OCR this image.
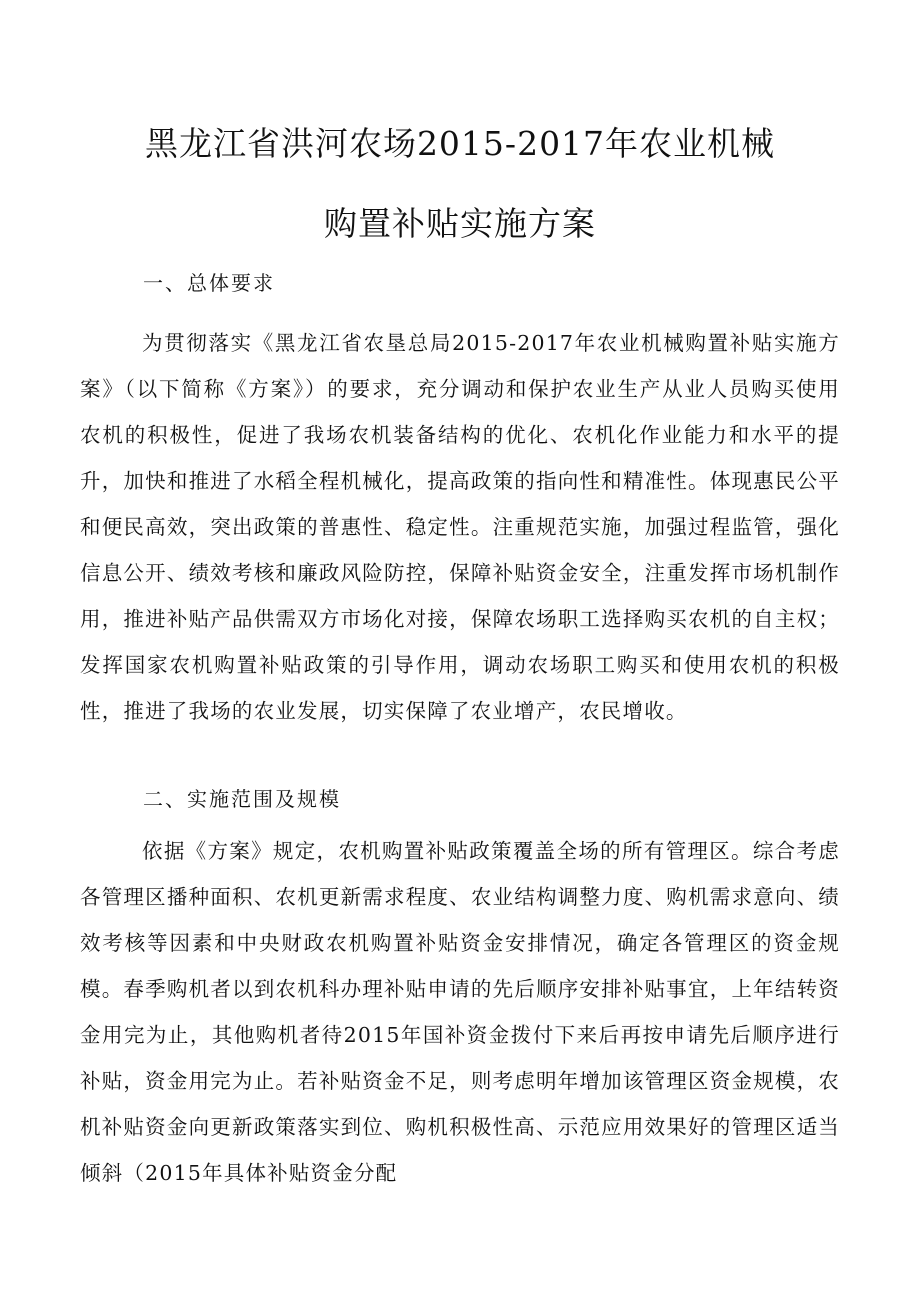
黑龙江省洪河农场2015-2017年农业机械
购置补贴实施方案
一、总体要求

为贯彻落实《黑龙江省农垦总局2015-2017年农业机械购置补贴实施方案》（以下简称《方案》）的要求，充分调动和保护农业生产从业人员购买使用农机的积极性，促进了我场农机装备结构的优化、农机化作业能力和水平的提升，加快和推进了水稻全程机械化，提高政策的指向性和精准性。体现惠民公平和便民高效，突出政策的普惠性、稳定性。注重规范实施，加强过程监管，强化信息公开、绩效考核和廉政风险防控，保障补贴资金安全，注重发挥市场机制作用，推进补贴产品供需双方市场化对接，保障农场职工选择购买农机的自主权；发挥国家农机购置补贴政策的引导作用，调动农场职工购买和使用农机的积极性，推进了我场的农业发展，切实保障了农业增产，农民增收。

二、实施范围及规模

依据《方案》规定，农机购置补贴政策覆盖全场的所有管理区。综合考虑各管理区播种面积、农机更新需求程度、农业结构调整力度、购机需求意向、绩效考核等因素和中央财政农机购置补贴资金安排情况，确定各管理区的资金规模。春季购机者以到农机科办理补贴申请的先后顺序安排补贴事宜，上年结转资金用完为止，其他购机者待2015年国补资金拨付下来后再按申请先后顺序进行补贴，资金用完为止。若补贴资金不足，则考虑明年增加该管理区资金规模，农机补贴资金向更新政策落实到位、购机积极性高、示范应用效果好的管理区适当倾斜（2015年具体补贴资金分配
